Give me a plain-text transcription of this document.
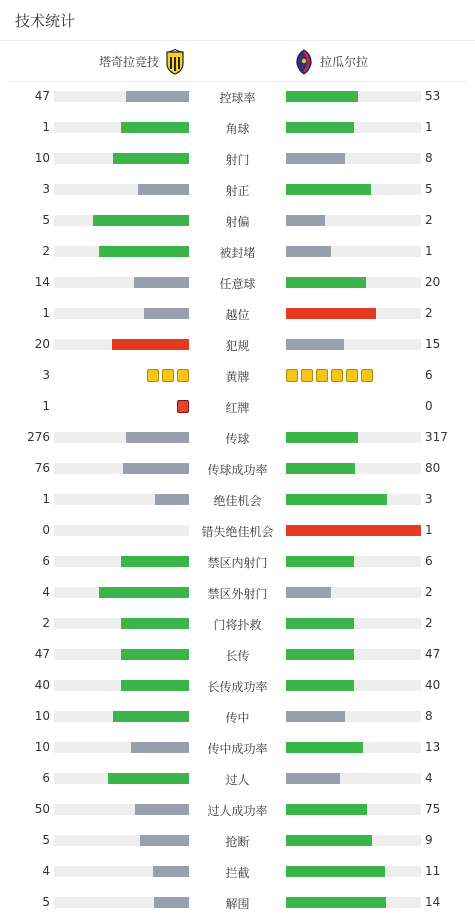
技术统计
塔奇拉竞技	拉瓜尔拉
47	控球率	53
1	角球	1
10	射门	8
3	射正	5
5	射偏	2
2	被封堵	1
14	任意球	20
1	越位	2
20	犯规	15
3	黄牌	6
1	红牌	0
276	传球	317
76	传球成功率	80
1	绝佳机会	3
0	错失绝佳机会	1
6	禁区内射门	6
4	禁区外射门	2
2	门将扑救	2
47	长传	47
40	长传成功率	40
10	传中	8
10	传中成功率	13
6	过人	4
50	过人成功率	75
5	抢断	9
4	拦截	11
5	解围	14
